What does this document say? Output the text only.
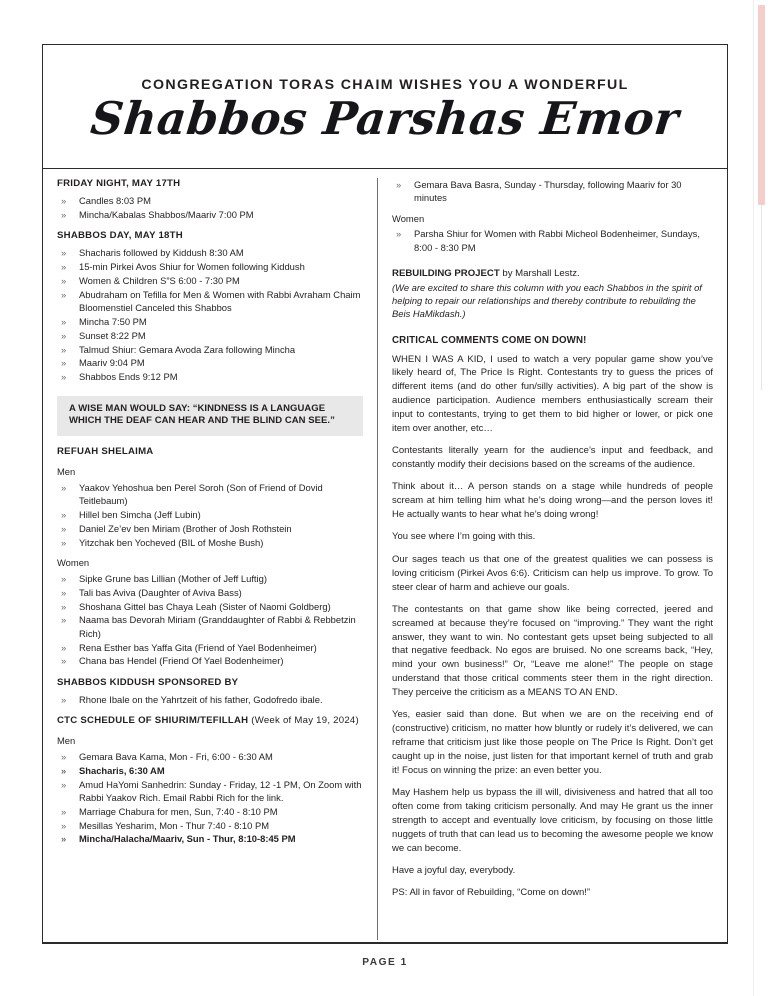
CONGREGATION TORAS CHAIM WISHES YOU A WONDERFUL
Shabbos Parshas Emor
FRIDAY NIGHT, MAY 17TH
» Candles 8:03 PM
» Mincha/Kabalas Shabbos/Maariv 7:00 PM
SHABBOS DAY, MAY 18TH
» Shacharis followed by Kiddush 8:30 AM
» 15-min Pirkei Avos Shiur for Women following Kiddush
» Women & Children S”S 6:00 - 7:30 PM
» Abudraham on Tefilla for Men & Women with Rabbi Avraham Chaim Bloomenstiel Canceled this Shabbos
» Mincha 7:50 PM
» Sunset 8:22 PM
» Talmud Shiur: Gemara Avoda Zara following Mincha
» Maariv 9:04 PM
» Shabbos Ends 9:12 PM

A WISE MAN WOULD SAY: “KINDNESS IS A LANGUAGE WHICH THE DEAF CAN HEAR AND THE BLIND CAN SEE.”

REFUAH SHELAIMA
Men
» Yaakov Yehoshua ben Perel Soroh (Son of Friend of Dovid Teitlebaum)
» Hillel ben Simcha (Jeff Lubin)
» Daniel Ze’ev ben Miriam (Brother of Josh Rothstein
» Yitzchak ben Yocheved (BIL of Moshe Bush)
Women
» Sipke Grune bas Lillian (Mother of Jeff Luftig)
» Tali bas Aviva (Daughter of Aviva Bass)
» Shoshana Gittel bas Chaya Leah (Sister of Naomi Goldberg)
» Naama bas Devorah Miriam (Granddaughter of Rabbi & Rebbetzin Rich)
» Rena Esther bas Yaffa Gita (Friend of Yael Bodenheimer)
» Chana bas Hendel (Friend Of Yael Bodenheimer)
SHABBOS KIDDUSH SPONSORED BY
» Rhone Ibale on the Yahrtzeit of his father, Godofredo ibale.
CTC SCHEDULE OF SHIURIM/TEFILLAH (Week of May 19, 2024)
Men
» Gemara Bava Kama, Mon - Fri, 6:00 - 6:30 AM
» Shacharis, 6:30 AM
» Amud HaYomi Sanhedrin: Sunday - Friday, 12 -1 PM, On Zoom with Rabbi Yaakov Rich. Email Rabbi Rich for the link.
» Marriage Chabura for men, Sun, 7:40 - 8:10 PM
» Mesillas Yesharim, Mon - Thur 7:40 - 8:10 PM
» Mincha/Halacha/Maariv, Sun - Thur, 8:10-8:45 PM
» Gemara Bava Basra, Sunday - Thursday, following Maariv for 30 minutes
Women
» Parsha Shiur for Women with Rabbi Micheol Bodenheimer, Sundays, 8:00 - 8:30 PM
REBUILDING PROJECT by Marshall Lestz.
(We are excited to share this column with you each Shabbos in the spirit of helping to repair our relationships and thereby contribute to rebuilding the Beis HaMikdash.)
CRITICAL COMMENTS COME ON DOWN!

WHEN I WAS A KID, I used to watch a very popular game show you’ve likely heard of, The Price Is Right. Contestants try to guess the prices of different items (and do other fun/silly activities). A big part of the show is audience participation. Audience members enthusiastically scream their input to contestants, trying to get them to bid higher or lower, or pick one item over another, etc…

Contestants literally yearn for the audience’s input and feedback, and constantly modify their decisions based on the screams of the audience.

Think about it… A person stands on a stage while hundreds of people scream at him telling him what he’s doing wrong—and the person loves it! He actually wants to hear what he’s doing wrong!

You see where I’m going with this.

Our sages teach us that one of the greatest qualities we can possess is loving criticism (Pirkei Avos 6:6). Criticism can help us improve. To grow. To steer clear of harm and achieve our goals.

The contestants on that game show like being corrected, jeered and screamed at because they’re focused on “improving.” They want the right answer, they want to win. No contestant gets upset being subjected to all that negative feedback. No egos are bruised. No one screams back, “Hey, mind your own business!” Or, “Leave me alone!” The people on stage understand that those critical comments steer them in the right direction. They perceive the criticism as a MEANS TO AN END.

Yes, easier said than done. But when we are on the receiving end of (constructive) criticism, no matter how bluntly or rudely it’s delivered, we can reframe that criticism just like those people on The Price Is Right. Don’t get caught up in the noise, just listen for that important kernel of truth and grab it! Focus on winning the prize: an even better you.

May Hashem help us bypass the ill will, divisiveness and hatred that all too often come from taking criticism personally. And may He grant us the inner strength to accept and eventually love criticism, by focusing on those little nuggets of truth that can lead us to becoming the awesome people we know we can become.

Have a joyful day, everybody.

PS: All in favor of Rebuilding, “Come on down!”

PAGE 1
